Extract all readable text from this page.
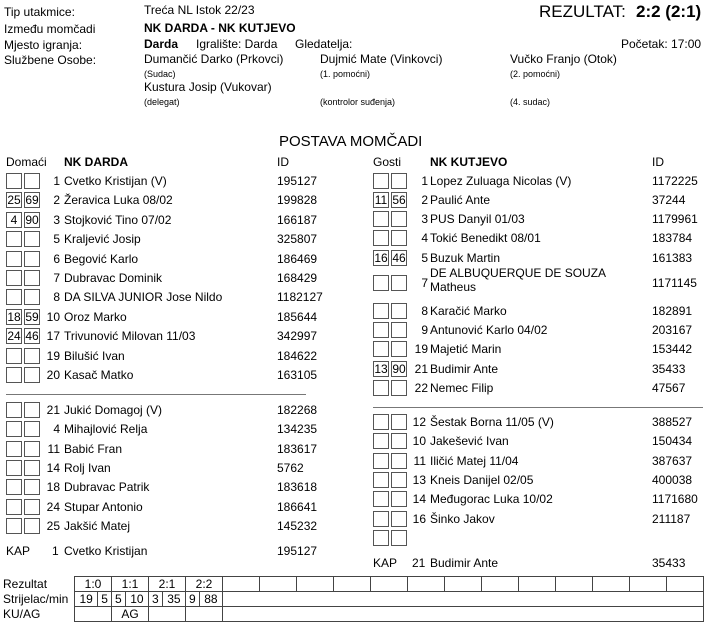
Tip utakmice:	Treća NL Istok 22/23
Između momčadi	NK DARDA - NK KUTJEVO
Mjesto igranja:	Darda Igralište: Darda Gledatelja:	Početak: 17:00
Službene Osobe:
REZULTAT: 2:2 (2:1)
Dumančić Darko (Prkovci)
(Sudac)
Dujmić Mate (Vinkovci)
(1. pomoćni)
Vučko Franjo (Otok)
(2. pomoćni)
Kustura Josip (Vukovar)
(delegat)	(kontrolor suđenja)	(4. sudac)
POSTAVA MOMČADI
Domaći NK DARDA	ID
1 Cvetko Kristijan (V)	195127
25 69	2 Žeravica Luka 08/02	199828
4 90	3 Stojković Tino 07/02	166187
5 Kraljević Josip	325807
6 Begović Karlo	186469
7 Dubravac Dominik	168429
8 DA SILVA JUNIOR Jose Nildo	1182127
18 59 10 Oroz Marko	185644
24 46 17 Trivunović Milovan 11/03	342997
19 Bilušić Ivan	184622
20 Kasač Matko	163105
21 Jukić Domagoj (V)	182268
4 Mihajlović Relja	134235
11 Babić Fran	183617
14 Rolj Ivan	5762
18 Dubravac Patrik	183618
24 Stupar Antonio	186641
25 Jakšić Matej	145232
KAP 1 Cvetko Kristijan	195127
Gosti NK KUTJEVO	ID
1 Lopez Zuluaga Nicolas (V)	1172225
11 56	2 Paulić Ante	37244
3 PUS Danyil 01/03	1179961
4 Tokić Benedikt 08/01	183784
16 46	5 Buzuk Martin	161383
7
DE ALBUQUERQUE DE SOUZA Matheus	1171145
8 Karačić Marko	182891
9 Antunović Karlo 04/02	203167
19 Majetić Marin	153442
13 90 21 Budimir Ante	35433
22 Nemec Filip	47567
12 Šestak Borna 11/05 (V)	388527
10 Jakešević Ivan	150434
11 Iličić Matej 11/04	387637
13 Kneis Danijel 02/05	400038
14 Međugorac Luka 10/02	1171680
16 Šinko Jakov	211187
KAP 21 Budimir Ante	35433
Rezultat	1:0		1:1		2:1		2:2														
Strijelac/min	19	5	5	10	3	35	9	88													
KU/AG			AG																		
